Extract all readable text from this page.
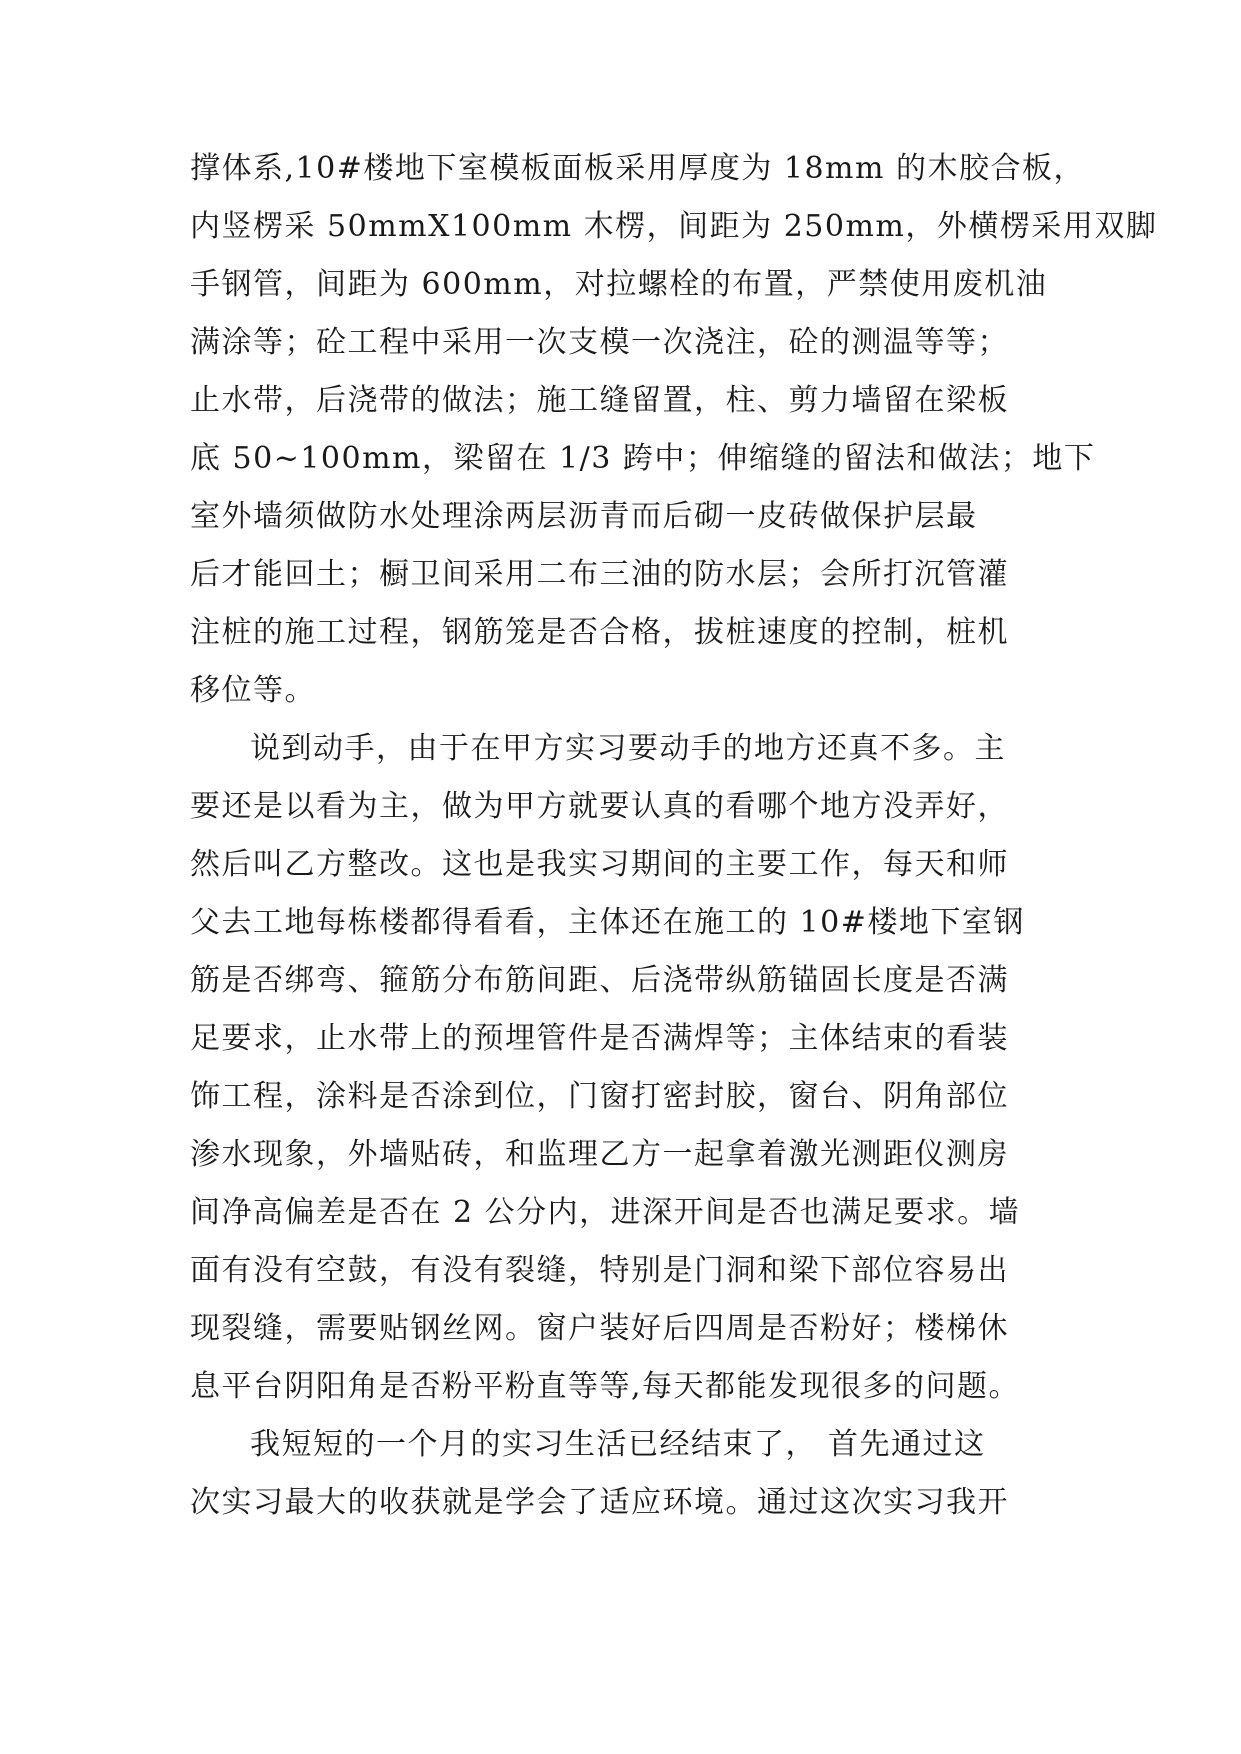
撑体系,10#楼地下室模板面板采用厚度为 18mm 的木胶合板，
内竖楞采 50mmX100mm 木楞，间距为 250mm，外横楞采用双脚
手钢管，间距为 600mm，对拉螺栓的布置，严禁使用废机油
满涂等；砼工程中采用一次支模一次浇注，砼的测温等等；
止水带，后浇带的做法；施工缝留置，柱、剪力墙留在梁板
底 50~100mm，梁留在 1/3 跨中；伸缩缝的留法和做法；地下
室外墙须做防水处理涂两层沥青而后砌一皮砖做保护层最
后才能回土；橱卫间采用二布三油的防水层；会所打沉管灌
注桩的施工过程，钢筋笼是否合格，拔桩速度的控制，桩机
移位等。
说到动手，由于在甲方实习要动手的地方还真不多。主
要还是以看为主，做为甲方就要认真的看哪个地方没弄好，
然后叫乙方整改。这也是我实习期间的主要工作，每天和师
父去工地每栋楼都得看看，主体还在施工的 10#楼地下室钢
筋是否绑弯、箍筋分布筋间距、后浇带纵筋锚固长度是否满
足要求，止水带上的预埋管件是否满焊等；主体结束的看装
饰工程，涂料是否涂到位，门窗打密封胶，窗台、阴角部位
渗水现象，外墙贴砖，和监理乙方一起拿着激光测距仪测房
间净高偏差是否在 2 公分内，进深开间是否也满足要求。墙
面有没有空鼓，有没有裂缝，特别是门洞和梁下部位容易出
现裂缝，需要贴钢丝网。窗户装好后四周是否粉好；楼梯休
息平台阴阳角是否粉平粉直等等,每天都能发现很多的问题。
我短短的一个月的实习生活已经结束了， 首先通过这
次实习最大的收获就是学会了适应环境。通过这次实习我开
